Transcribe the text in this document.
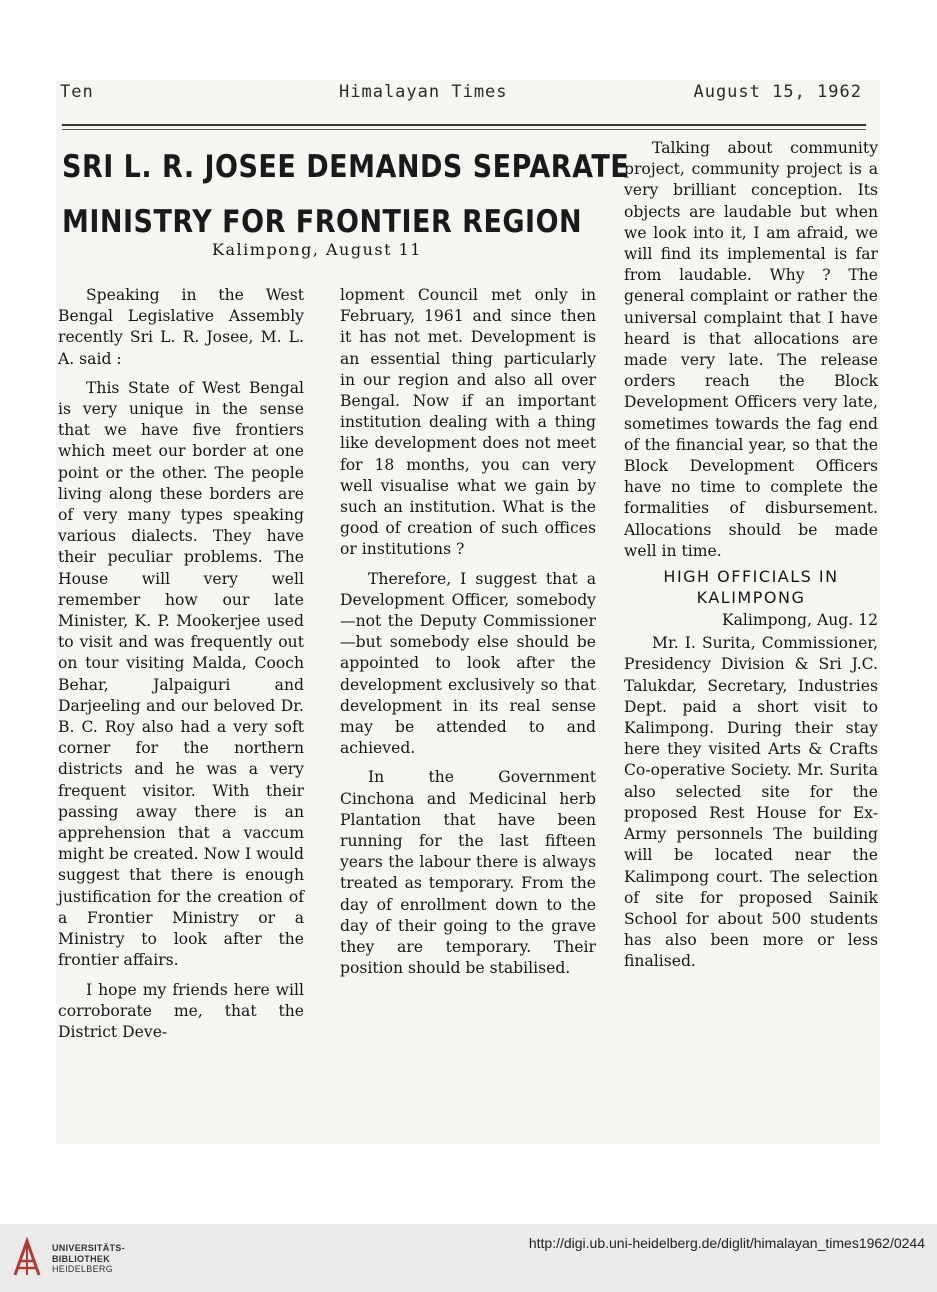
Ten	Himalayan Times	August 15, 1962
SRI L. R. JOSEE DEMANDS SEPARATE
MINISTRY FOR FRONTIER REGION
Kalimpong, August 11

Speaking in the West Bengal Legislative Assembly recently Sri L. R. Josee, M. L. A. said :

This State of West Bengal is very unique in the sense that we have five frontiers which meet our border at one point or the other. The people living along these borders are of very many types speaking various dialects. They have their peculiar problems. The House will very well remember how our late Minister, K. P. Mookerjee used to visit and was frequently out on tour visiting Malda, Cooch Behar, Jalpaiguri and Darjeeling and our beloved Dr. B. C. Roy also had a very soft corner for the northern districts and he was a very frequent visitor. With their passing away there is an apprehension that a vaccum might be created. Now I would suggest that there is enough justification for the creation of a Frontier Ministry or a Ministry to look after the frontier affairs.

I hope my friends here will corroborate me, that the District Deve-

lopment Council met only in February, 1961 and since then it has not met. Development is an essential thing particularly in our region and also all over Bengal. Now if an important institution dealing with a thing like development does not meet for 18 months, you can very well visualise what we gain by such an institution. What is the good of creation of such offices or institutions ?

Therefore, I suggest that a Development Officer, somebody—not the Deputy Commissioner—but somebody else should be appointed to look after the development exclusively so that development in its real sense may be attended to and achieved.

In the Government Cinchona and Medicinal herb Plantation that have been running for the last fifteen years the labour there is always treated as temporary. From the day of enrollment down to the day of their going to the grave they are temporary. Their position should be stabilised.

Talking about community project, community project is a very brilliant conception. Its objects are laudable but when we look into it, I am afraid, we will find its implemental is far from laudable. Why ? The general complaint or rather the universal complaint that I have heard is that allocations are made very late. The release orders reach the Block Development Officers very late, sometimes towards the fag end of the financial year, so that the Block Development Officers have no time to complete the formalities of disbursement. Allocations should be made well in time.

HIGH OFFICIALS IN
KALIMPONG

Kalimpong, Aug. 12

Mr. I. Surita, Commissioner, Presidency Division & Sri J.C. Talukdar, Secretary, Industries Dept. paid a short visit to Kalimpong. During their stay here they visited Arts & Crafts Co-operative Society. Mr. Surita also selected site for the proposed Rest House for Ex-Army personnels The building will be located near the Kalimpong court. The selection of site for proposed Sainik School for about 500 students has also been more or less finalised.

UNIVERSITÄTS-
BIBLIOTHEK
HEIDELBERG
http://digi.ub.uni-heidelberg.de/diglit/himalayan_times1962/0244
